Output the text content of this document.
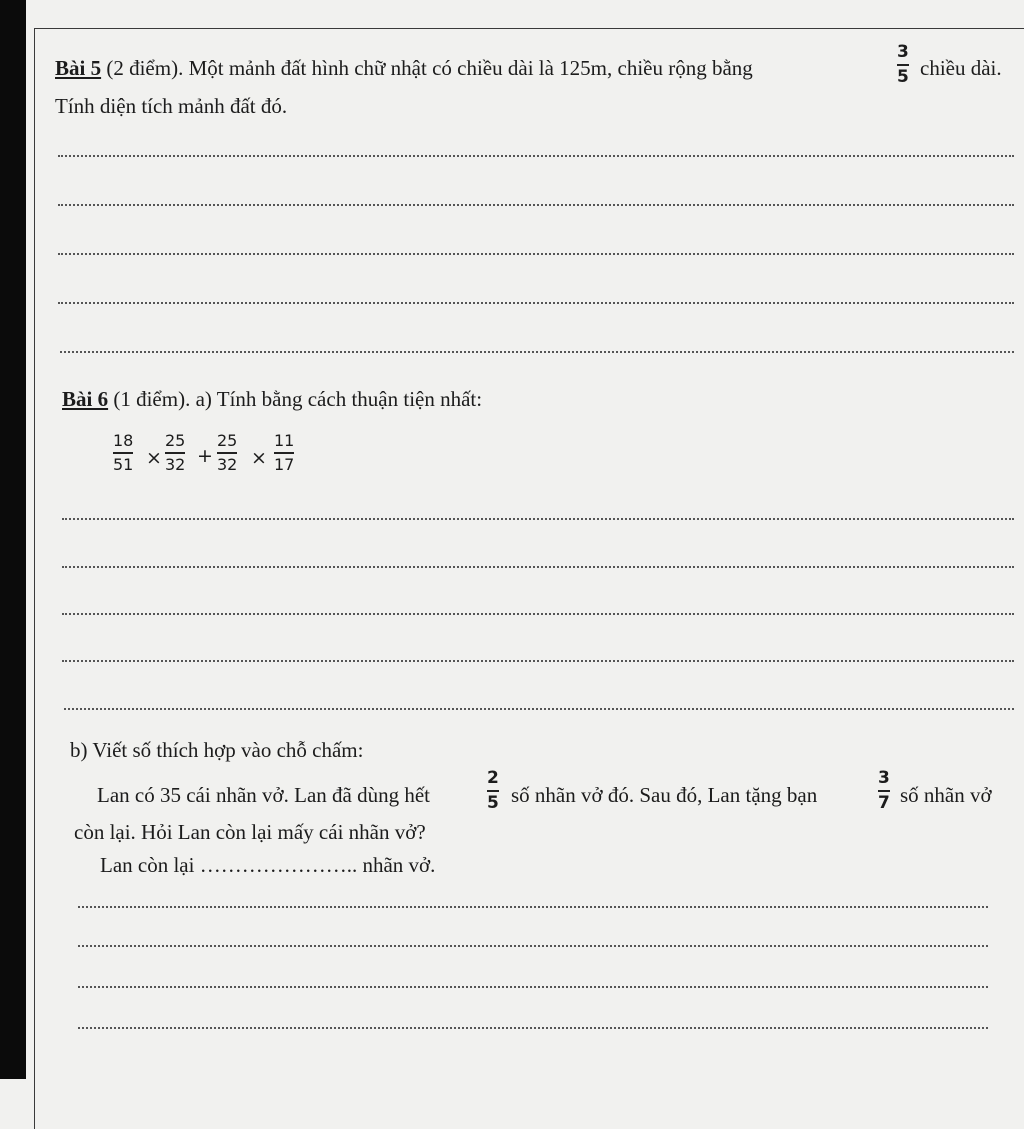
Bài 5 (2 điểm). Một mảnh đất hình chữ nhật có chiều dài là 125m, chiều rộng bằng
3
5 chiều dài.
Tính diện tích mảnh đất đó.
Bài 6 (1 điểm). a) Tính bằng cách thuận tiện nhất:
18
51 ×
25
32 +
25
32 ×
11
17
b) Viết số thích hợp vào chỗ chấm:
Lan có 35 cái nhãn vở. Lan đã dùng hết
2
5 số nhãn vở đó. Sau đó, Lan tặng bạn
3
7 số nhãn vở
còn lại. Hỏi Lan còn lại mấy cái nhãn vở?
Lan còn lại ………………….. nhãn vở.
